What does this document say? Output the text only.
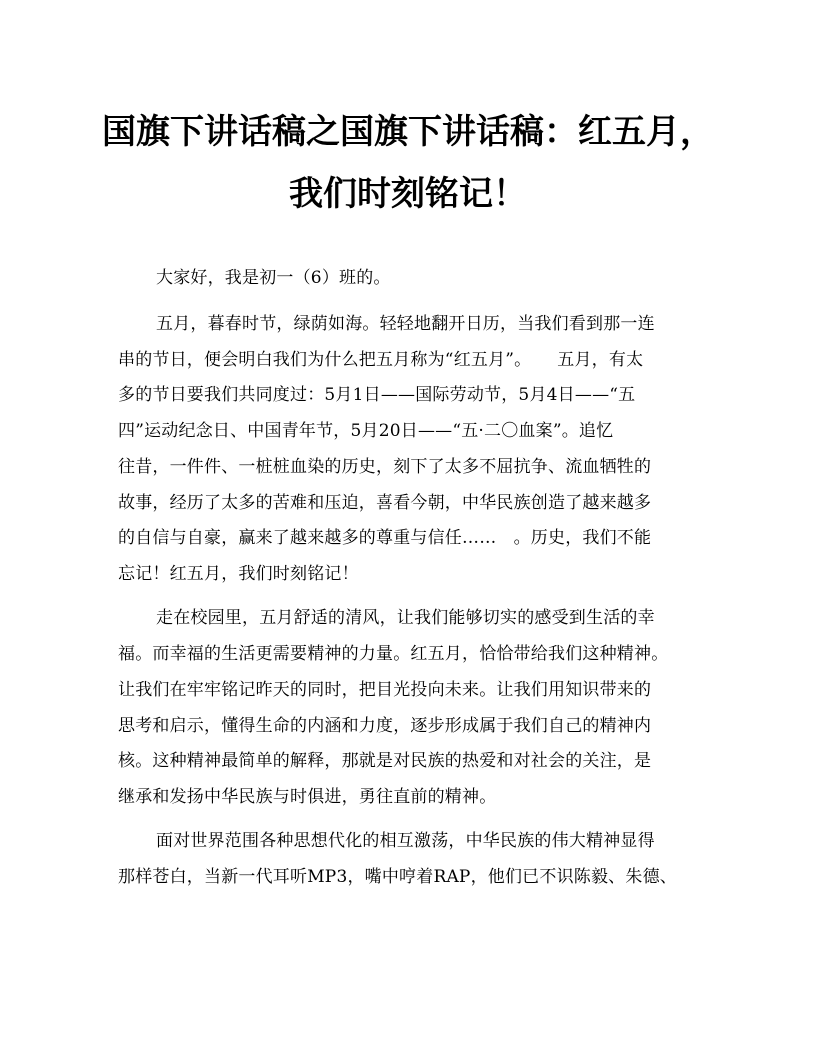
国旗下讲话稿之国旗下讲话稿：红五月，
我们时刻铭记！
大家好，我是初一（6）班的。
五月，暮春时节，绿荫如海。轻轻地翻开日历，当我们看到那一连
串的节日，便会明白我们为什么把五月称为“红五月”。　　五月，有太
多的节日要我们共同度过：5月1日——国际劳动节，5月4日——“五
四”运动纪念日、中国青年节，5月20日——“五·二〇血案”。追忆
往昔，一件件、一桩桩血染的历史，刻下了太多不屈抗争、流血牺牲的
故事，经历了太多的苦难和压迫，喜看今朝，中华民族创造了越来越多
的自信与自豪，赢来了越来越多的尊重与信任……　。历史，我们不能
忘记！红五月，我们时刻铭记！
走在校园里，五月舒适的清风，让我们能够切实的感受到生活的幸
福。而幸福的生活更需要精神的力量。红五月，恰恰带给我们这种精神。
让我们在牢牢铭记昨天的同时，把目光投向未来。让我们用知识带来的
思考和启示，懂得生命的内涵和力度，逐步形成属于我们自己的精神内
核。这种精神最简单的解释，那就是对民族的热爱和对社会的关注，是
继承和发扬中华民族与时俱进，勇往直前的精神。
面对世界范围各种思想代化的相互激荡，中华民族的伟大精神显得
那样苍白，当新一代耳听MP3，嘴中哼着RAP，他们已不识陈毅、朱德、
